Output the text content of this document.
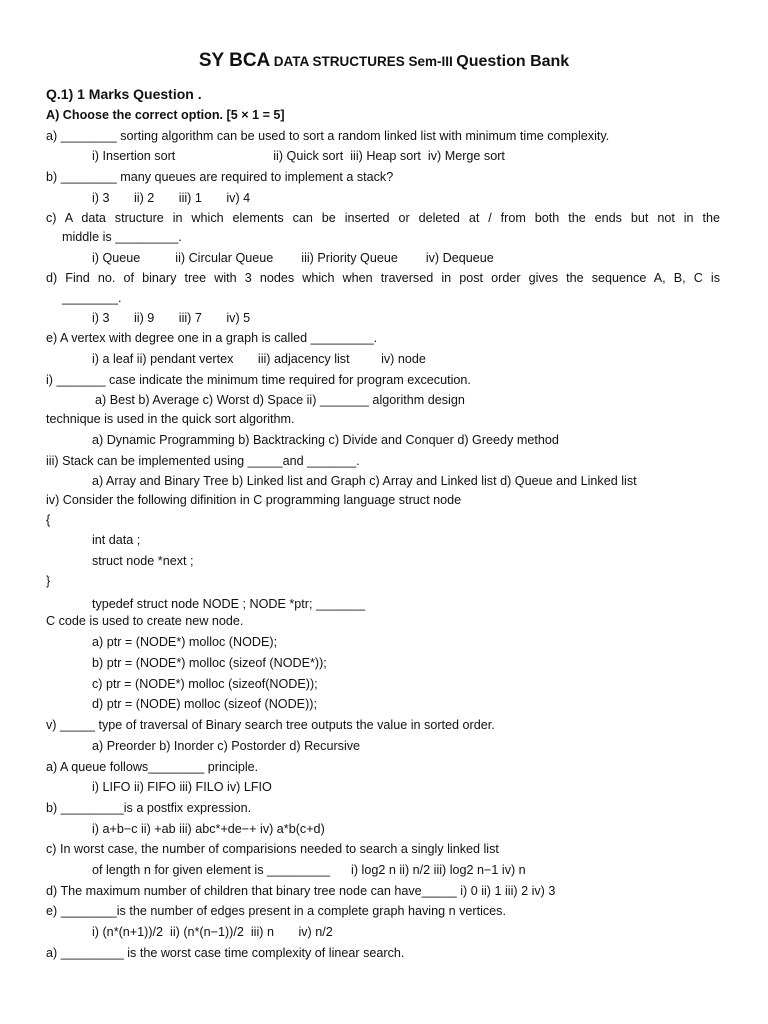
SY BCA DATA STRUCTURES Sem-III Question Bank
Q.1) 1 Marks Question .
A) Choose the correct option. [5 × 1 = 5]
a) ________ sorting algorithm can be used to sort a random linked list with minimum time complexity.
i) Insertion sort                            ii) Quick sort  iii) Heap sort  iv) Merge sort
b) ________ many queues are required to implement a stack?
i) 3       ii) 2       iii) 1       iv) 4
c) A data structure in which elements can be inserted or deleted at / from both the ends but not in the
middle is _________.
i) Queue          ii) Circular Queue        iii) Priority Queue        iv) Dequeue
d) Find no. of binary tree with 3 nodes which when traversed in post order gives the sequence A, B, C is
________.
i) 3       ii) 9       iii) 7       iv) 5
e) A vertex with degree one in a graph is called _________.
i) a leaf ii) pendant vertex       iii) adjacency list         iv) node
i) _______ case indicate the minimum time required for program excecution.
a) Best b) Average c) Worst d) Space ii) _______ algorithm design
technique is used in the quick sort algorithm.
a) Dynamic Programming b) Backtracking c) Divide and Conquer d) Greedy method
iii) Stack can be implemented using _____and _______.
a) Array and Binary Tree b) Linked list and Graph c) Array and Linked list d) Queue and Linked list
iv) Consider the following difinition in C programming language struct node
{
int data ;
struct node *next ;
}
typedef struct node NODE ; NODE *ptr; _______
C code is used to create new node.
a) ptr = (NODE*) molloc (NODE);
b) ptr = (NODE*) molloc (sizeof (NODE*));
c) ptr = (NODE*) molloc (sizeof(NODE));
d) ptr = (NODE) molloc (sizeof (NODE));
v) _____ type of traversal of Binary search tree outputs the value in sorted order.
a) Preorder b) Inorder c) Postorder d) Recursive
a) A queue follows________ principle.
i) LIFO ii) FIFO iii) FILO iv) LFIO
b) _________is a postfix expression.
i) a+b−c ii) +ab iii) abc*+de−+ iv) a*b(c+d)
c) In worst case, the number of comparisions needed to search a singly linked list
of length n for given element is _________      i) log2 n ii) n/2 iii) log2 n−1 iv) n
d) The maximum number of children that binary tree node can have_____ i) 0 ii) 1 iii) 2 iv) 3
e) ________is the number of edges present in a complete graph having n vertices.
i) (n*(n+1))/2  ii) (n*(n−1))/2  iii) n       iv) n/2
a) _________ is the worst case time complexity of linear search.
